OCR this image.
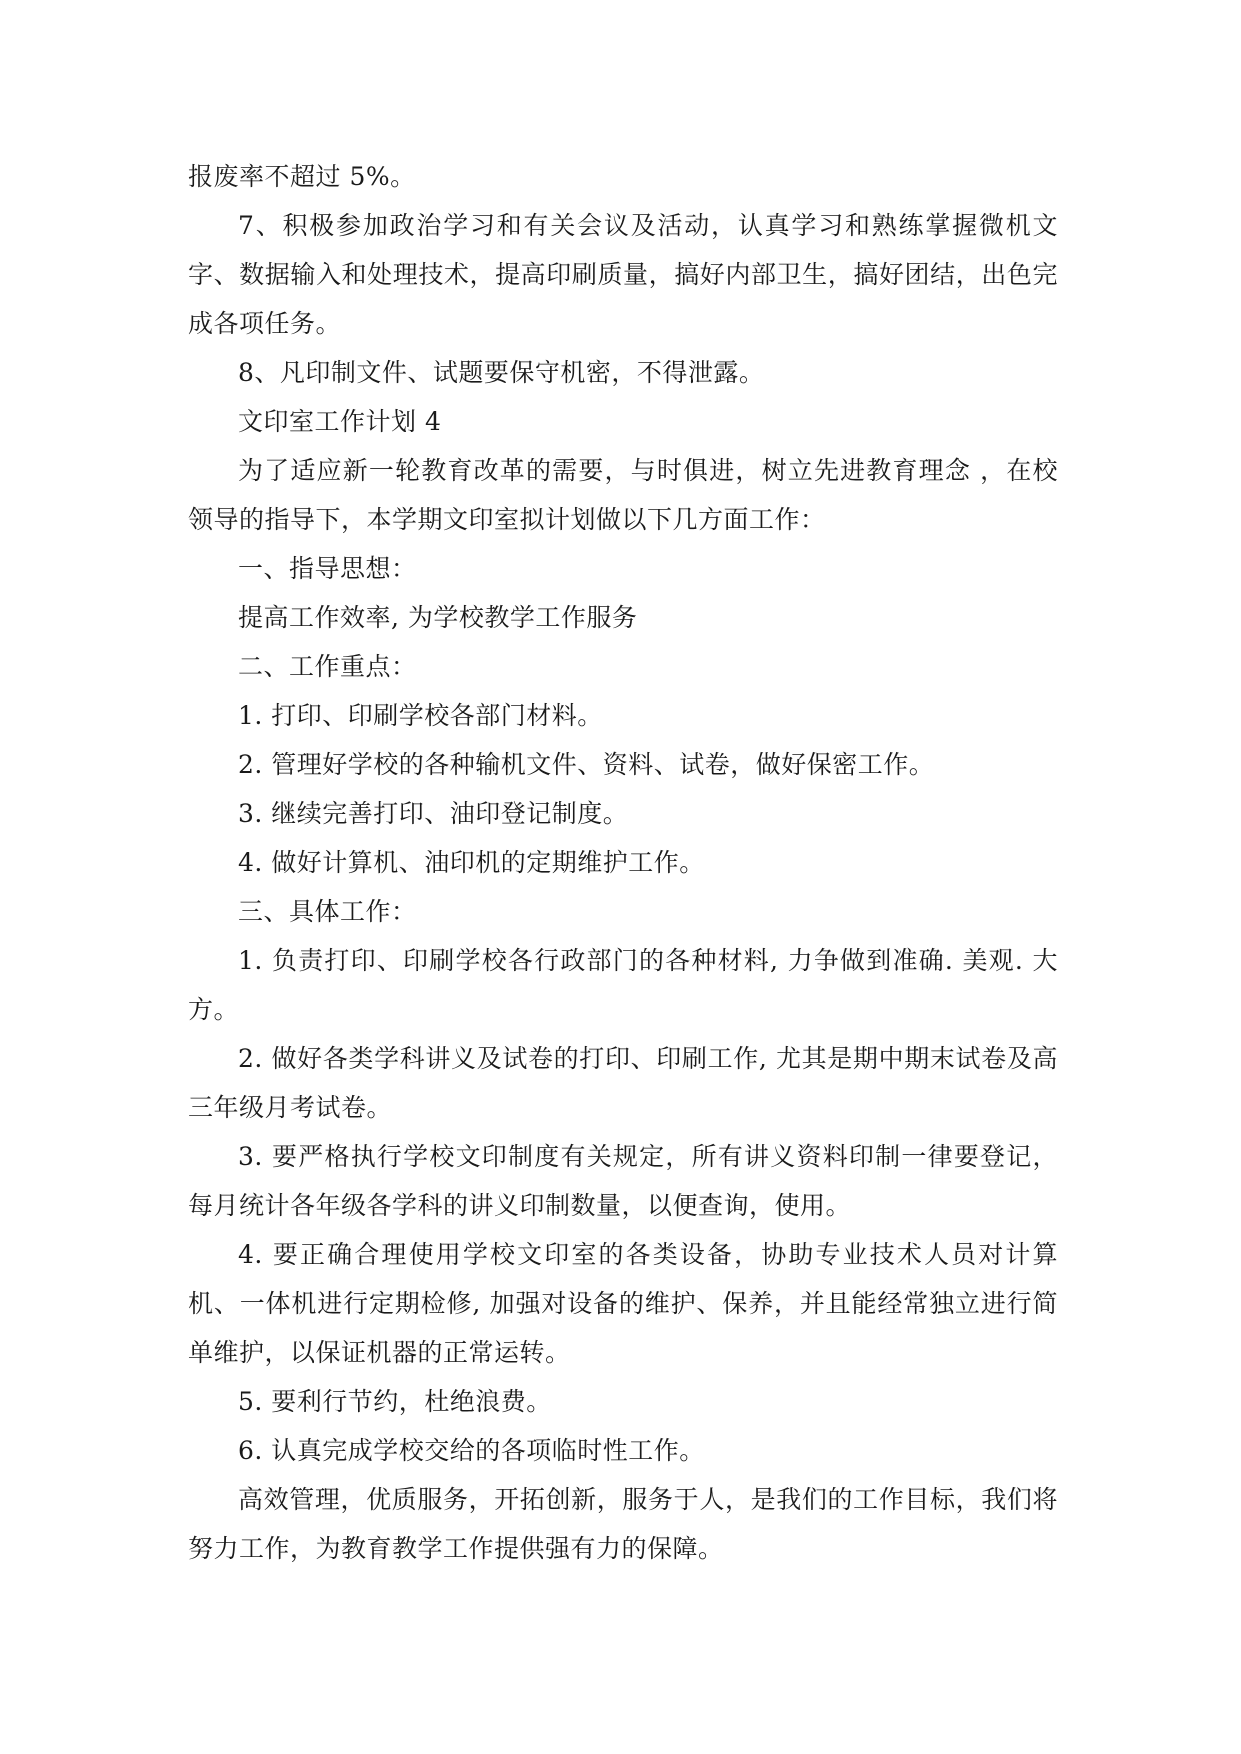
报废率不超过 5%。

7、积极参加政治学习和有关会议及活动，认真学习和熟练掌握微机文字、数据输入和处理技术，提高印刷质量，搞好内部卫生，搞好团结，出色完成各项任务。

8、凡印制文件、试题要保守机密，不得泄露。

文印室工作计划 4

为了适应新一轮教育改革的需要，与时俱进，树立先进教育理念 ，在校领导的指导下，本学期文印室拟计划做以下几方面工作：

一、指导思想：

提高工作效率, 为学校教学工作服务

二、工作重点：

1. 打印、印刷学校各部门材料。

2. 管理好学校的各种输机文件、资料、试卷，做好保密工作。

3. 继续完善打印、油印登记制度。

4. 做好计算机、油印机的定期维护工作。

三、具体工作：

1. 负责打印、印刷学校各行政部门的各种材料, 力争做到准确. 美观. 大方。

2. 做好各类学科讲义及试卷的打印、印刷工作, 尤其是期中期末试卷及高三年级月考试卷。

3. 要严格执行学校文印制度有关规定，所有讲义资料印制一律要登记，每月统计各年级各学科的讲义印制数量，以便查询，使用。

4. 要正确合理使用学校文印室的各类设备，协助专业技术人员对计算机、一体机进行定期检修, 加强对设备的维护、保养，并且能经常独立进行简单维护，以保证机器的正常运转。

5. 要利行节约，杜绝浪费。

6. 认真完成学校交给的各项临时性工作。

高效管理，优质服务，开拓创新，服务于人，是我们的工作目标，我们将努力工作，为教育教学工作提供强有力的保障。
